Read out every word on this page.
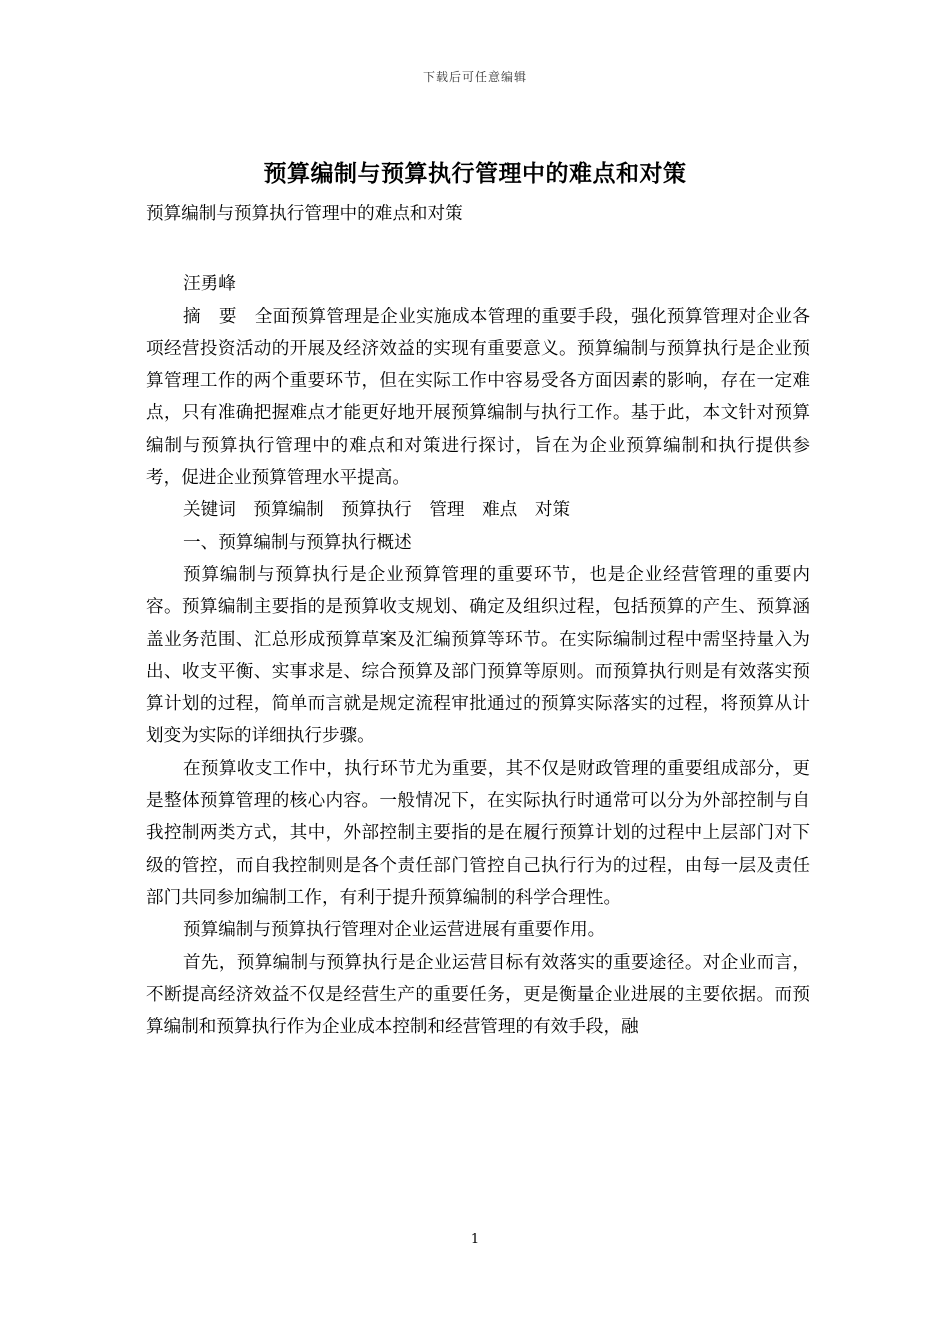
下载后可任意编辑
预算编制与预算执行管理中的难点和对策

预算编制与预算执行管理中的难点和对策

汪勇峰

摘　要　全面预算管理是企业实施成本管理的重要手段，强化预算管理对企业各项经营投资活动的开展及经济效益的实现有重要意义。预算编制与预算执行是企业预算管理工作的两个重要环节，但在实际工作中容易受各方面因素的影响，存在一定难点，只有准确把握难点才能更好地开展预算编制与执行工作。基于此，本文针对预算编制与预算执行管理中的难点和对策进行探讨，旨在为企业预算编制和执行提供参考，促进企业预算管理水平提高。

关键词　预算编制　预算执行　管理　难点　对策

一、预算编制与预算执行概述

预算编制与预算执行是企业预算管理的重要环节，也是企业经营管理的重要内容。预算编制主要指的是预算收支规划、确定及组织过程，包括预算的产生、预算涵盖业务范围、汇总形成预算草案及汇编预算等环节。在实际编制过程中需坚持量入为出、收支平衡、实事求是、综合预算及部门预算等原则。而预算执行则是有效落实预算计划的过程，简单而言就是规定流程审批通过的预算实际落实的过程，将预算从计划变为实际的详细执行步骤。

在预算收支工作中，执行环节尤为重要，其不仅是财政管理的重要组成部分，更是整体预算管理的核心内容。一般情况下，在实际执行时通常可以分为外部控制与自我控制两类方式，其中，外部控制主要指的是在履行预算计划的过程中上层部门对下级的管控，而自我控制则是各个责任部门管控自己执行行为的过程，由每一层及责任部门共同参加编制工作，有利于提升预算编制的科学合理性。

预算编制与预算执行管理对企业运营进展有重要作用。

首先，预算编制与预算执行是企业运营目标有效落实的重要途径。对企业而言，不断提高经济效益不仅是经营生产的重要任务，更是衡量企业进展的主要依据。而预算编制和预算执行作为企业成本控制和经营管理的有效手段，融

1
